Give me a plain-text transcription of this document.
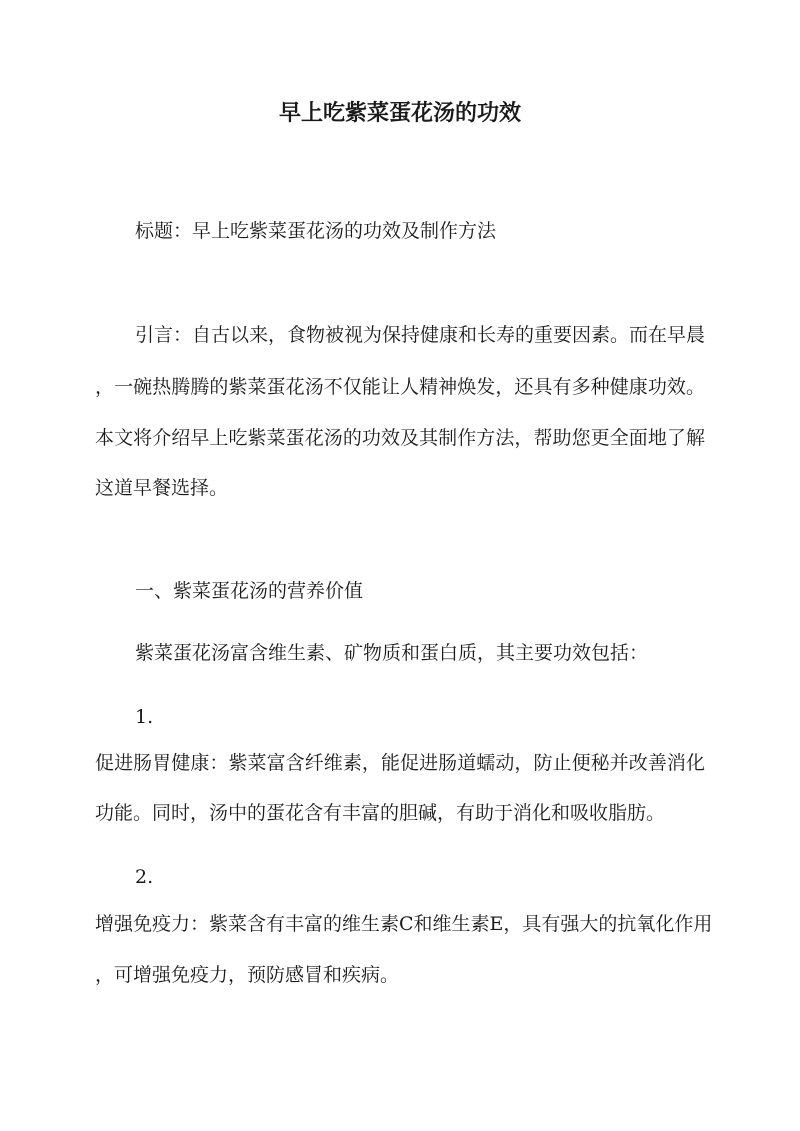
早上吃紫菜蛋花汤的功效
标题：早上吃紫菜蛋花汤的功效及制作方法
引言：自古以来，食物被视为保持健康和长寿的重要因素。而在早晨
，一碗热腾腾的紫菜蛋花汤不仅能让人精神焕发，还具有多种健康功效。
本文将介绍早上吃紫菜蛋花汤的功效及其制作方法，帮助您更全面地了解
这道早餐选择。
一、紫菜蛋花汤的营养价值
紫菜蛋花汤富含维生素、矿物质和蛋白质，其主要功效包括：
1.
促进肠胃健康：紫菜富含纤维素，能促进肠道蠕动，防止便秘并改善消化
功能。同时，汤中的蛋花含有丰富的胆碱，有助于消化和吸收脂肪。
2.
增强免疫力：紫菜含有丰富的维生素C和维生素E，具有强大的抗氧化作用
，可增强免疫力，预防感冒和疾病。
